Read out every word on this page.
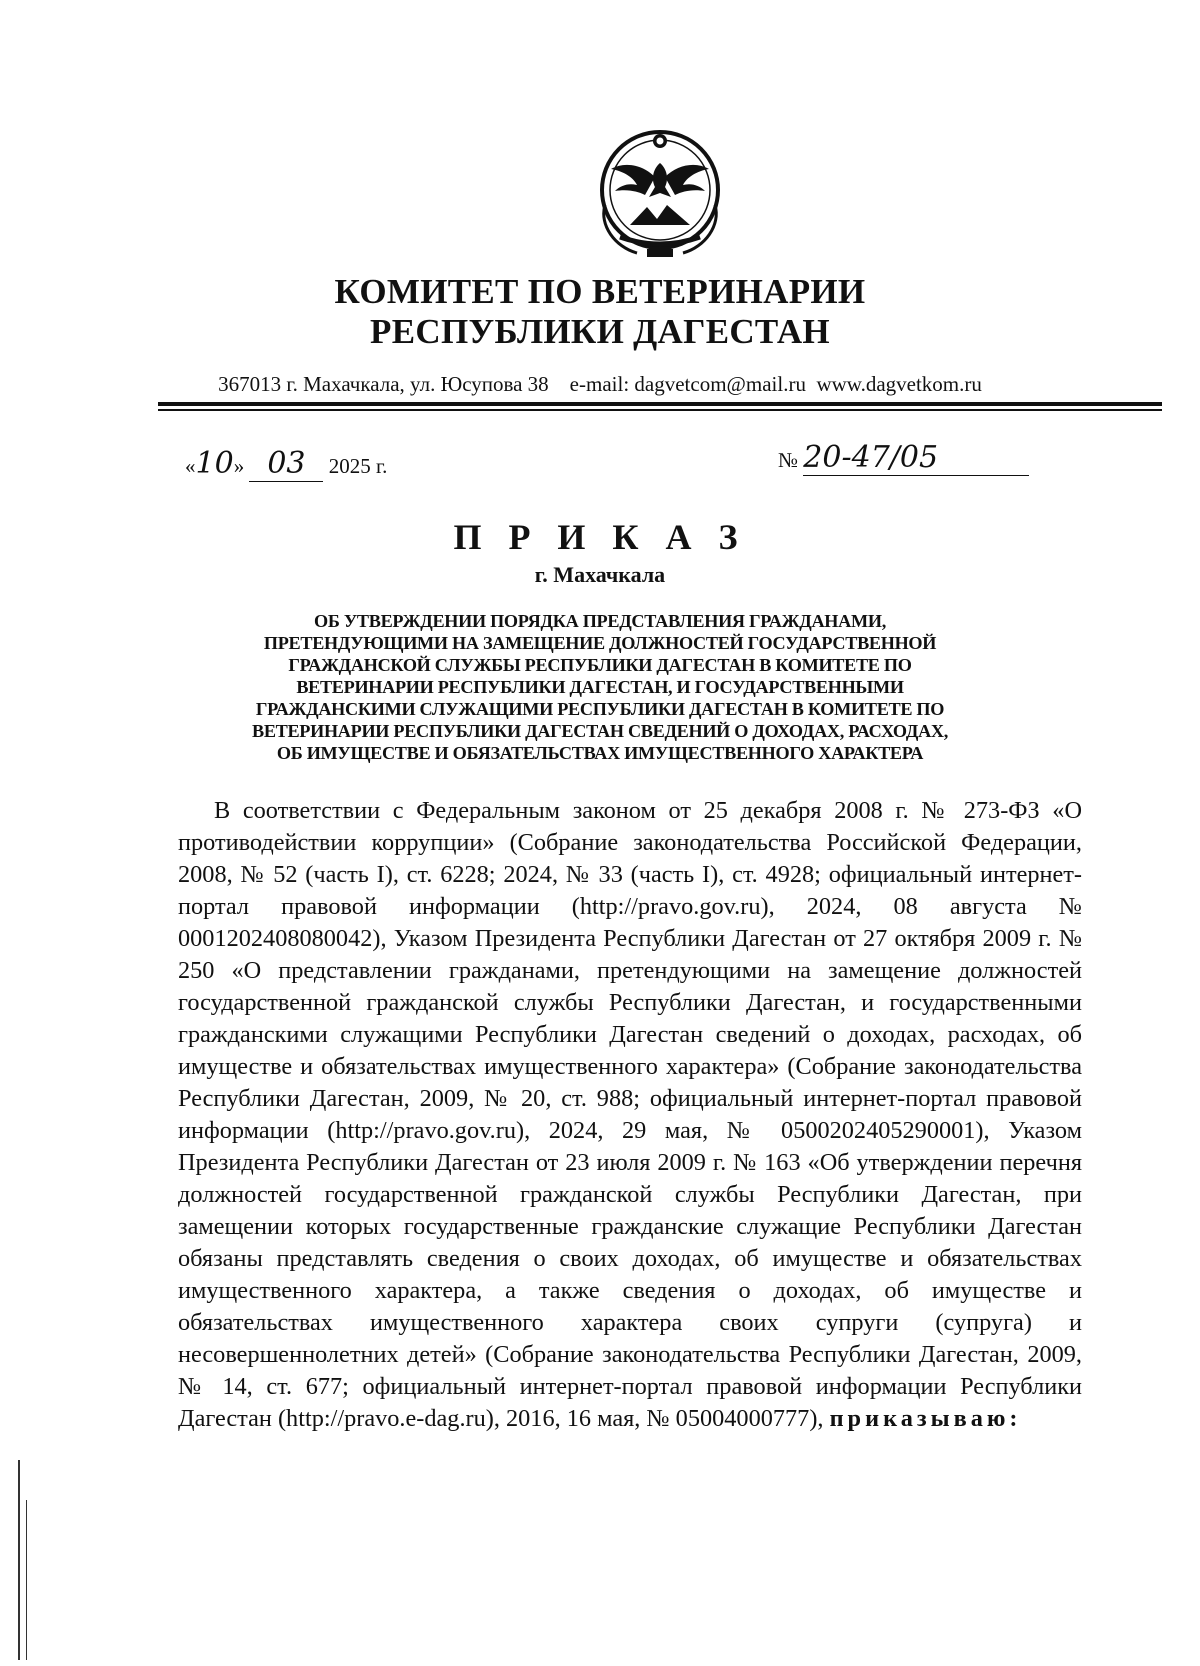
КОМИТЕТ ПО ВЕТЕРИНАРИИ
РЕСПУБЛИКИ ДАГЕСТАН
367013 г. Махачкала, ул. Юсупова 38    e-mail: dagvetcom@mail.ru  www.dagvetkom.ru
«10» 03 2025 г.	№ 20-47/05
П Р И К А З
г. Махачкала
ОБ УТВЕРЖДЕНИИ ПОРЯДКА ПРЕДСТАВЛЕНИЯ ГРАЖДАНАМИ,
ПРЕТЕНДУЮЩИМИ НА ЗАМЕЩЕНИЕ ДОЛЖНОСТЕЙ ГОСУДАРСТВЕННОЙ
ГРАЖДАНСКОЙ СЛУЖБЫ РЕСПУБЛИКИ ДАГЕСТАН В КОМИТЕТЕ ПО
ВЕТЕРИНАРИИ РЕСПУБЛИКИ ДАГЕСТАН, И ГОСУДАРСТВЕННЫМИ
ГРАЖДАНСКИМИ СЛУЖАЩИМИ РЕСПУБЛИКИ ДАГЕСТАН В КОМИТЕТЕ ПО
ВЕТЕРИНАРИИ РЕСПУБЛИКИ ДАГЕСТАН СВЕДЕНИЙ О ДОХОДАХ, РАСХОДАХ,
ОБ ИМУЩЕСТВЕ И ОБЯЗАТЕЛЬСТВАХ ИМУЩЕСТВЕННОГО ХАРАКТЕРА

В соответствии с Федеральным законом от 25 декабря 2008 г. № 273-ФЗ «О противодействии коррупции» (Собрание законодательства Российской Федерации, 2008, № 52 (часть I), ст. 6228; 2024, № 33 (часть I), ст. 4928; официальный интернет-портал правовой информации (http://pravo.gov.ru), 2024, 08 августа № 0001202408080042), Указом Президента Республики Дагестан от 27 октября 2009 г. № 250 «О представлении гражданами, претендующими на замещение должностей государственной гражданской службы Республики Дагестан, и государственными гражданскими служащими Республики Дагестан сведений о доходах, расходах, об имуществе и обязательствах имущественного характера» (Собрание законодательства Республики Дагестан, 2009, № 20, ст. 988; официальный интернет-портал правовой информации (http://pravo.gov.ru), 2024, 29 мая, № 0500202405290001), Указом Президента Республики Дагестан от 23 июля 2009 г. № 163 «Об утверждении перечня должностей государственной гражданской службы Республики Дагестан, при замещении которых государственные гражданские служащие Республики Дагестан обязаны представлять сведения о своих доходах, об имуществе и обязательствах имущественного характера, а также сведения о доходах, об имуществе и обязательствах имущественного характера своих супруги (супруга) и несовершеннолетних детей» (Собрание законодательства Республики Дагестан, 2009, № 14, ст. 677; официальный интернет-портал правовой информации Республики Дагестан (http://pravo.e-dag.ru), 2016, 16 мая, № 05004000777), приказываю:
